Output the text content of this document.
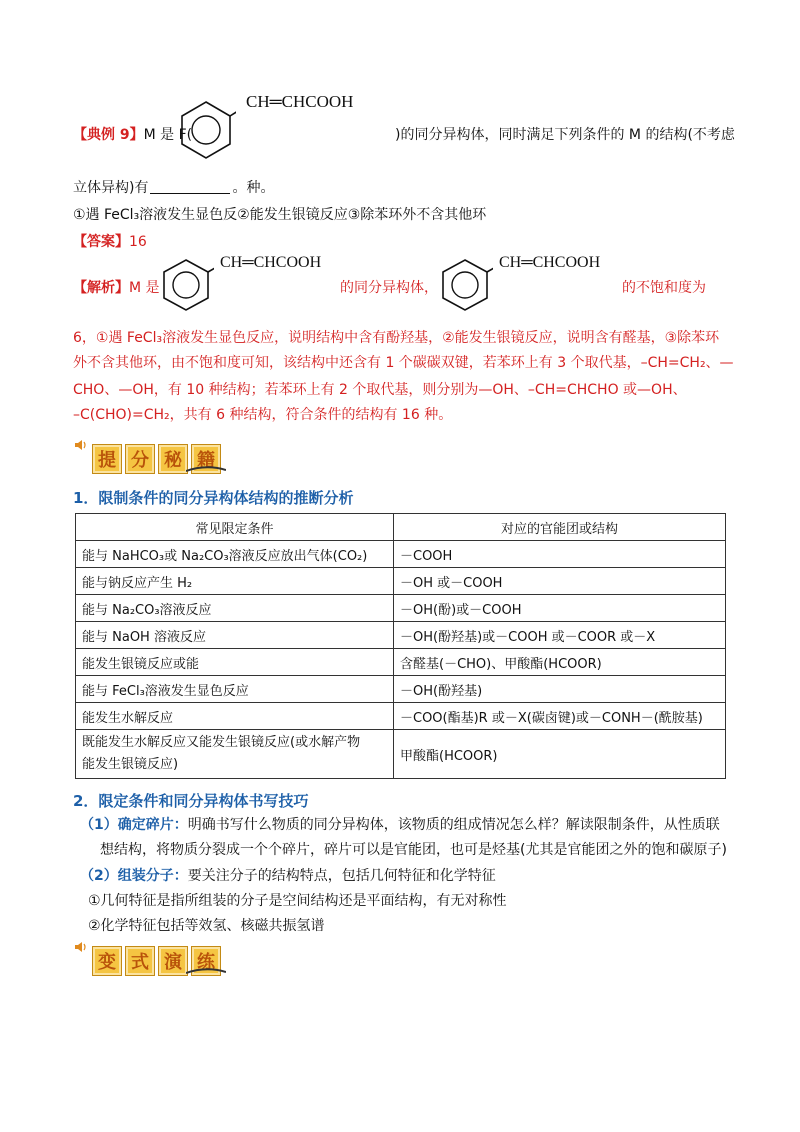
CH═CHCOOH
【典例 9】M 是 F(	)的同分异构体，同时满足下列条件的 M 的结构(不考虑
立体异构)有	。种。
①遇 FeCl₃溶液发生显色反②能发生银镜反应③除苯环外不含其他环
【答案】16
CH═CHCOOH	CH═CHCOOH
【解析】M 是	的同分异构体，	的不饱和度为
6，①遇 FeCl₃溶液发生显色反应，说明结构中含有酚羟基，②能发生银镜反应，说明含有醛基，③除苯环
外不含其他环，由不饱和度可知，该结构中还含有 1 个碳碳双键，若苯环上有 3 个取代基，–CH=CH₂、—
CHO、—OH，有 10 种结构；若苯环上有 2 个取代基，则分别为—OH、–CH=CHCHO 或—OH、
–C(CHO)=CH₂，共有 6 种结构，符合条件的结构有 16 种。
提 分 秘 籍
1．限制条件的同分异构体结构的推断分析
常见限定条件	对应的官能团或结构
能与 NaHCO₃或 Na₂CO₃溶液反应放出气体(CO₂)	－COOH
能与钠反应产生 H₂	－OH 或－COOH
能与 Na₂CO₃溶液反应	－OH(酚)或－COOH
能与 NaOH 溶液反应	－OH(酚羟基)或－COOH 或－COOR 或－X
能发生银镜反应或能	含醛基(－CHO)、甲酸酯(HCOOR)
能与 FeCl₃溶液发生显色反应	－OH(酚羟基)
能发生水解反应	－COO(酯基)R 或－X(碳卤键)或－CONH－(酰胺基)

既能发生水解反应又能发生银镜反应(或水解产物
能发生银镜反应)	甲酸酯(HCOOR)
2．限定条件和同分异构体书写技巧
（1）确定碎片：明确书写什么物质的同分异构体，该物质的组成情况怎么样？解读限制条件，从性质联
想结构，将物质分裂成一个个碎片，碎片可以是官能团，也可是烃基(尤其是官能团之外的饱和碳原子)
（2）组装分子：要关注分子的结构特点，包括几何特征和化学特征
①几何特征是指所组装的分子是空间结构还是平面结构，有无对称性
②化学特征包括等效氢、核磁共振氢谱
变 式 演 练
